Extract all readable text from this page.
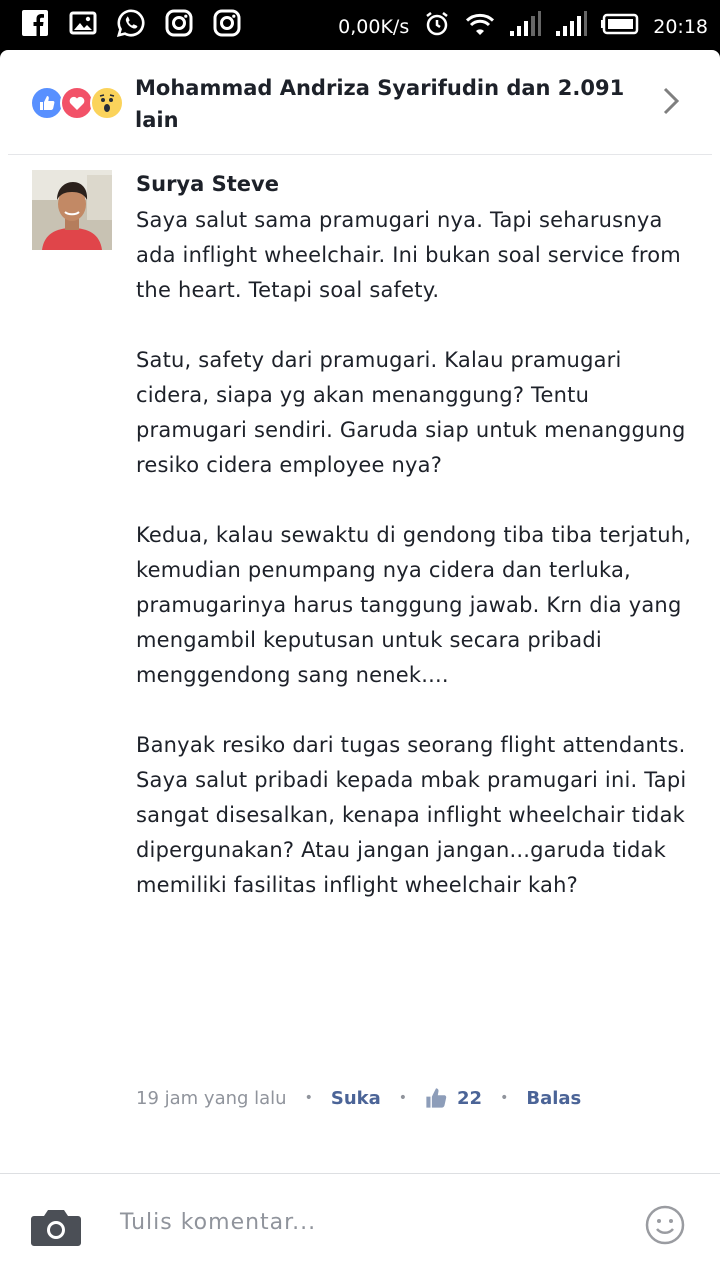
0,00K/s	20:18
Mohammad Andriza Syarifudin dan 2.091 lain
Surya Steve

Saya salut sama pramugari nya. Tapi seharusnya ada inflight wheelchair. Ini bukan soal service from the heart. Tetapi soal safety.

Satu, safety dari pramugari. Kalau pramugari cidera, siapa yg akan menanggung? Tentu pramugari sendiri. Garuda siap untuk menanggung resiko cidera employee nya?

Kedua, kalau sewaktu di gendong tiba tiba terjatuh, kemudian penumpang nya cidera dan terluka, pramugarinya harus tanggung jawab. Krn dia yang mengambil keputusan untuk secara pribadi menggendong sang nenek....

Banyak resiko dari tugas seorang flight attendants. Saya salut pribadi kepada mbak pramugari ini. Tapi sangat disesalkan, kenapa inflight wheelchair tidak dipergunakan? Atau jangan jangan...garuda tidak memiliki fasilitas inflight wheelchair kah?

19 jam yang lalu • Suka •	22 • Balas
Tulis komentar...
